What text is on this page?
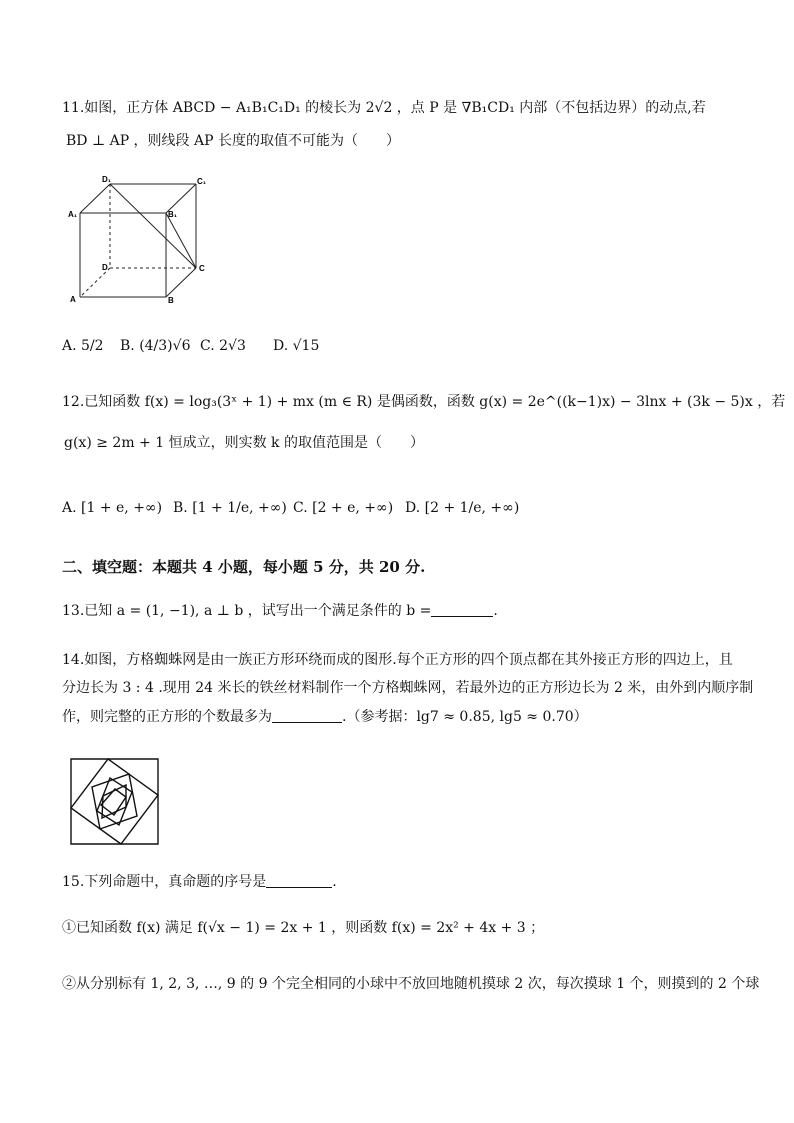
11.如图，正方体 ABCD − A₁B₁C₁D₁ 的棱长为 2√2 ，点 P 是 ∇B₁CD₁ 内部（不包括边界）的动点,若
BD ⊥ AP ，则线段 AP 长度的取值不可能为（　　）
D₁	C₁
A₁	B₁
D	C
A	B
A. 5/2 B. (4/3)√6 C. 2√3 D. √15
12.已知函数 f(x) = log₃(3ˣ + 1) + mx (m ∈ R) 是偶函数，函数 g(x) = 2e^((k−1)x) − 3lnx + (3k − 5)x ，若
g(x) ≥ 2m + 1 恒成立，则实数 k 的取值范围是（　　）
A. [1 + e, +∞) B. [1 + 1/e, +∞) C. [2 + e, +∞) D. [2 + 1/e, +∞)
二、填空题：本题共 4 小题，每小题 5 分，共 20 分.
13.已知 a = (1, −1), a ⊥ b ，试写出一个满足条件的 b =	.
14.如图，方格蜘蛛网是由一族正方形环绕而成的图形.每个正方形的四个顶点都在其外接正方形的四边上，且
分边长为 3 : 4 .现用 24 米长的铁丝材料制作一个方格蜘蛛网，若最外边的正方形边长为 2 米，由外到内顺序制
作，则完整的正方形的个数最多为	.（参考据：lg7 ≈ 0.85, lg5 ≈ 0.70）
15.下列命题中，真命题的序号是	.
①已知函数 f(x) 满足 f(√x − 1) = 2x + 1 ，则函数 f(x) = 2x² + 4x + 3 ；
②从分别标有 1, 2, 3, …, 9 的 9 个完全相同的小球中不放回地随机摸球 2 次，每次摸球 1 个，则摸到的 2 个球
